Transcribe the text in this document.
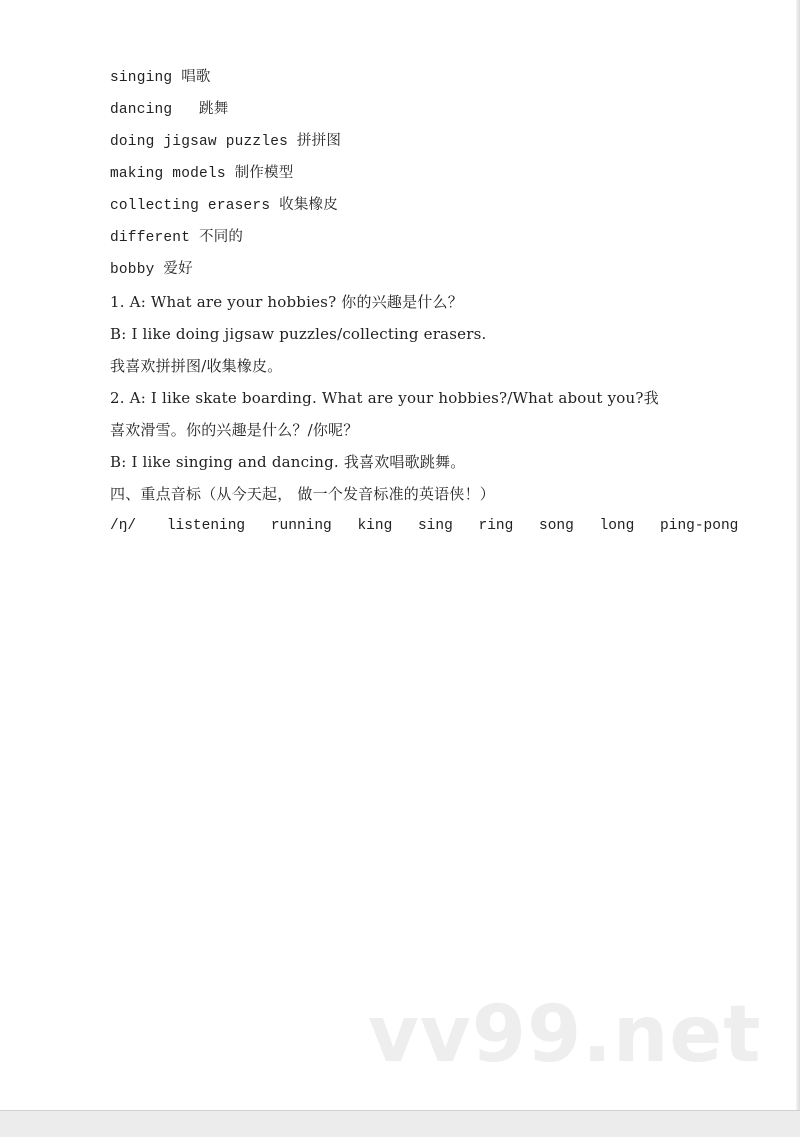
singing 唱歌
dancing   跳舞
doing jigsaw puzzles 拼拼图
making models 制作模型
collecting erasers 收集橡皮
different 不同的
bobby 爱好
1. A: What are your hobbies? 你的兴趣是什么？
B: I like doing jigsaw puzzles/collecting erasers.
我喜欢拼拼图/收集橡皮。
2. A: I like skate boarding. What are your hobbies?/What about you?我
喜欢滑雪。你的兴趣是什么？/你呢？
B: I like singing and dancing. 我喜欢唱歌跳舞。
四、重点音标（从今天起， 做一个发音标准的英语侠！）
/ŋ/ listening running king sing ring song long ping-pong
vv99.net
